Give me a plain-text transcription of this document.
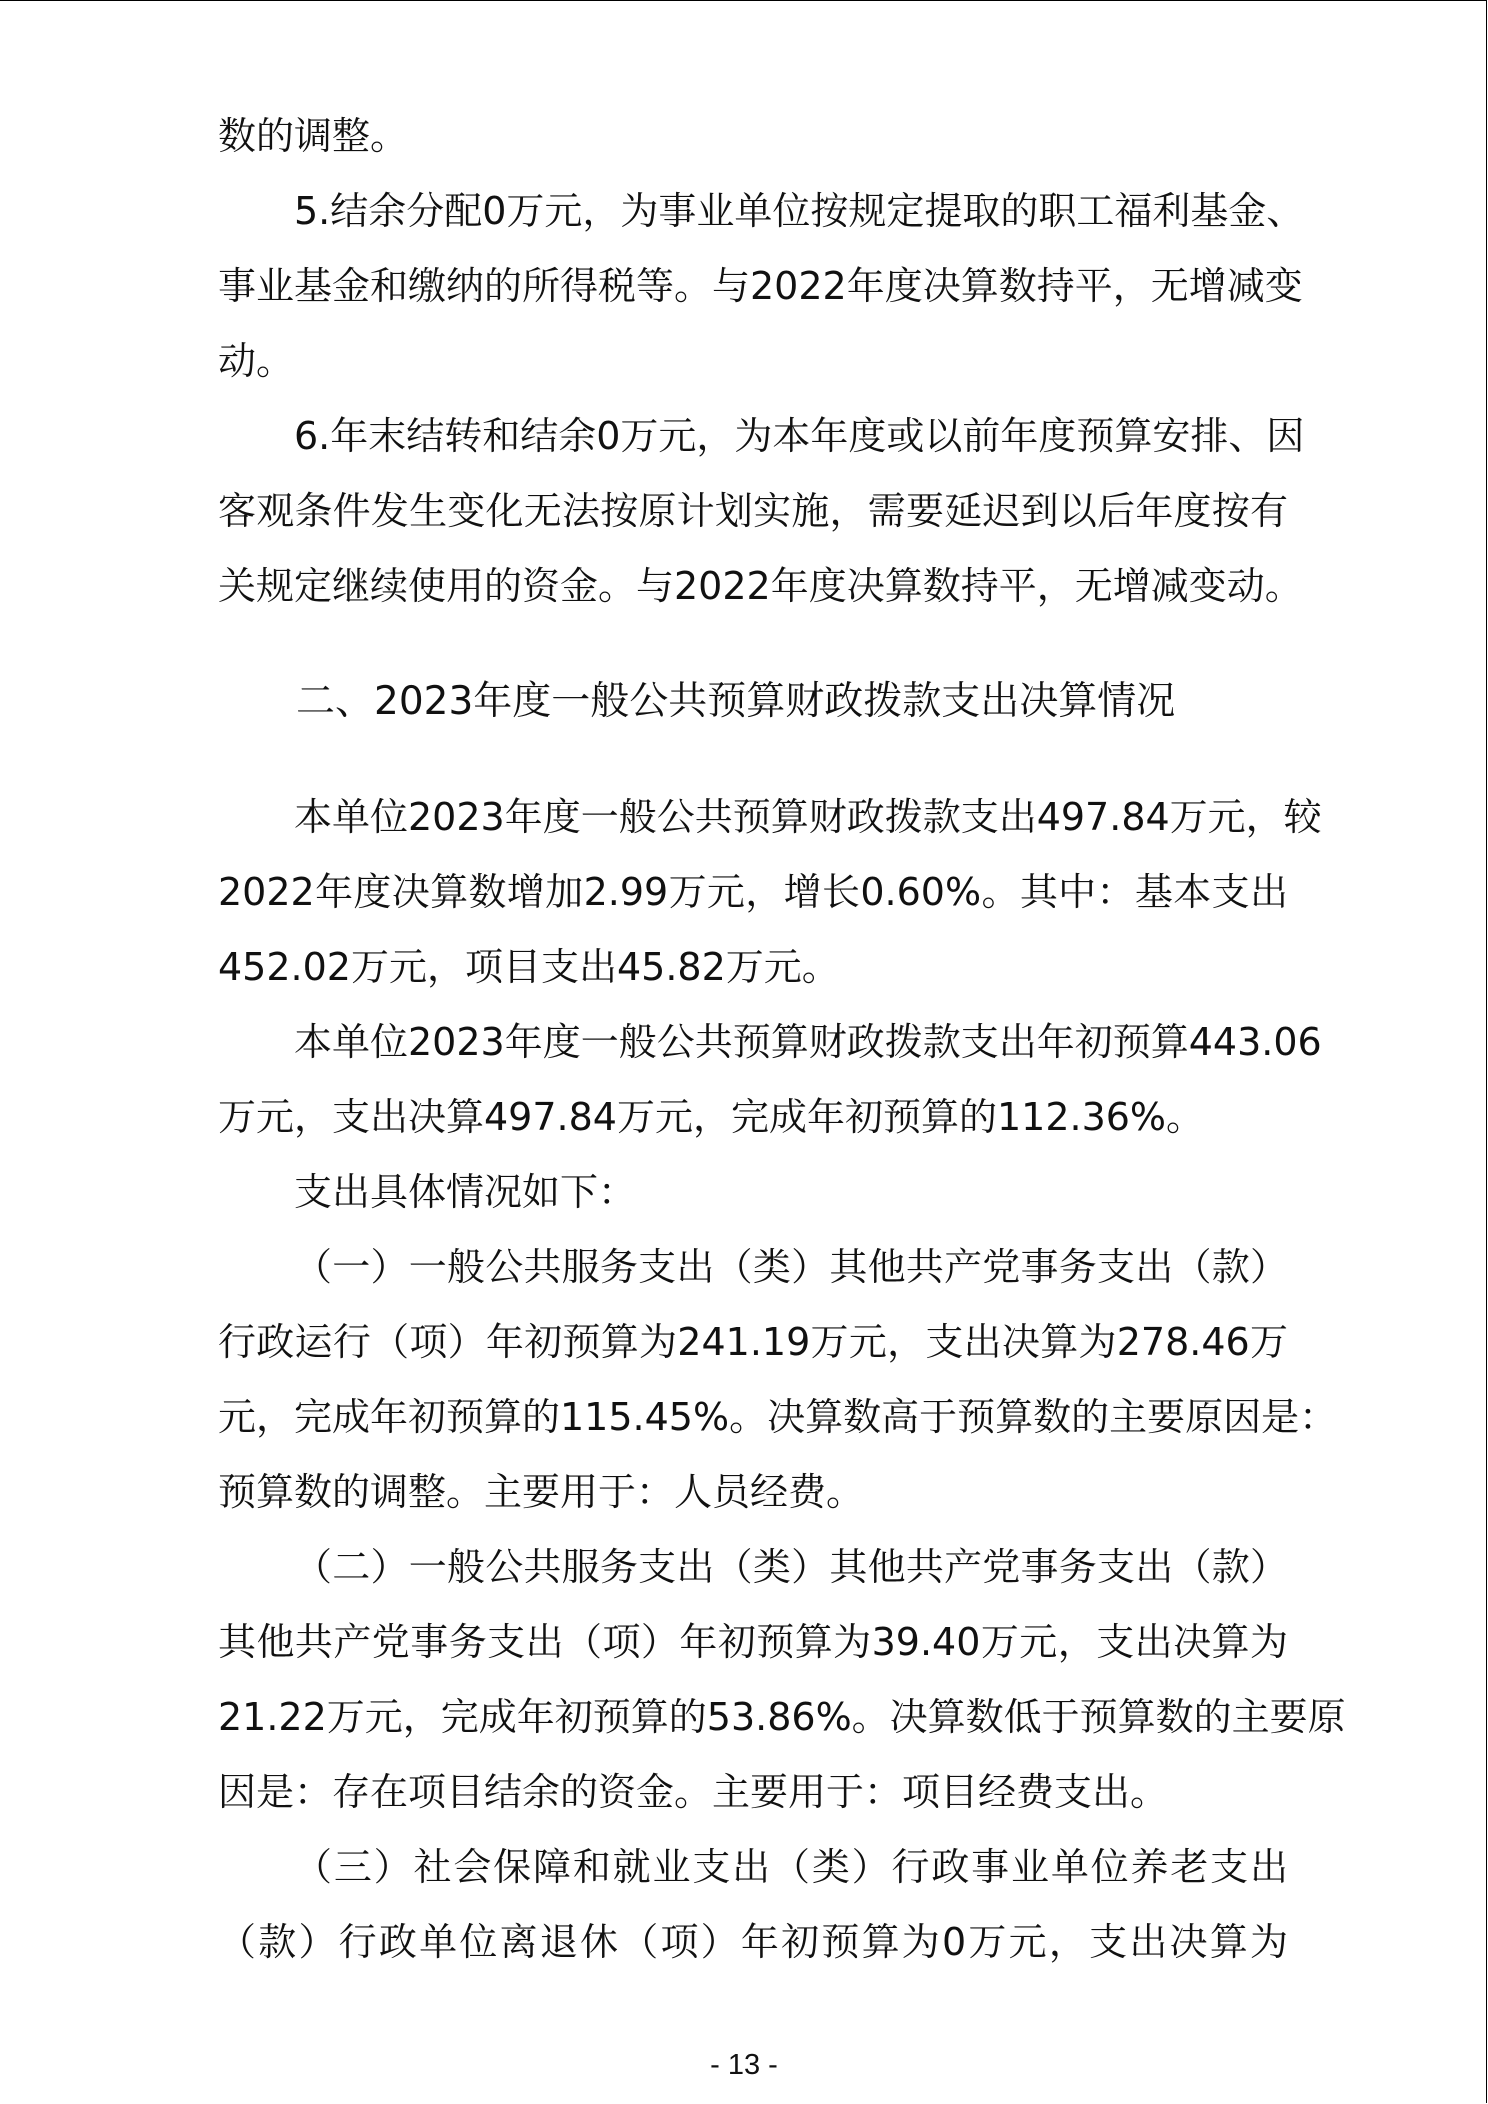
数的调整。
5.结余分配0万元，为事业单位按规定提取的职工福利基金、
事业基金和缴纳的所得税等。与2022年度决算数持平，无增减变
动。
6.年末结转和结余0万元，为本年度或以前年度预算安排、因
客观条件发生变化无法按原计划实施，需要延迟到以后年度按有
关规定继续使用的资金。与2022年度决算数持平，无增减变动。
二、2023年度一般公共预算财政拨款支出决算情况
本单位2023年度一般公共预算财政拨款支出497.84万元，较
2022年度决算数增加2.99万元，增长0.60%。其中：基本支出
452.02万元，项目支出45.82万元。
本单位2023年度一般公共预算财政拨款支出年初预算443.06
万元，支出决算497.84万元，完成年初预算的112.36%。
支出具体情况如下：
（一）一般公共服务支出（类）其他共产党事务支出（款）
行政运行（项）年初预算为241.19万元，支出决算为278.46万
元，完成年初预算的115.45%。决算数高于预算数的主要原因是：
预算数的调整。主要用于：人员经费。
（二）一般公共服务支出（类）其他共产党事务支出（款）
其他共产党事务支出（项）年初预算为39.40万元，支出决算为
21.22万元，完成年初预算的53.86%。决算数低于预算数的主要原
因是：存在项目结余的资金。主要用于：项目经费支出。
（三）社会保障和就业支出（类）行政事业单位养老支出
（款）行政单位离退休（项）年初预算为0万元，支出决算为
- 13 -
